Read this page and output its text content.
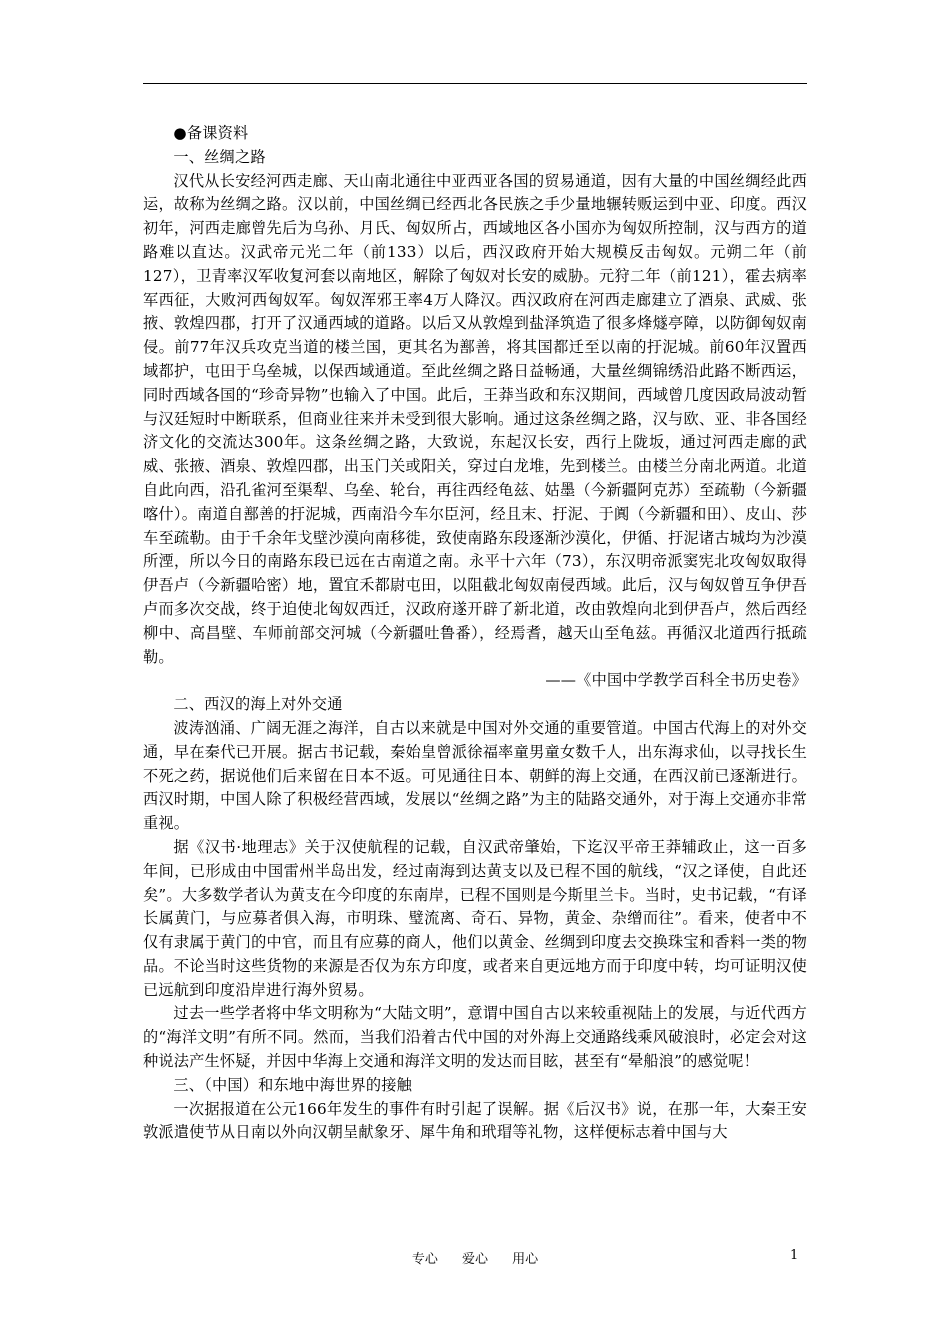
●备课资料

一、丝绸之路

汉代从长安经河西走廊、天山南北通往中亚西亚各国的贸易通道，因有大量的中国丝绸经此西运，故称为丝绸之路。汉以前，中国丝绸已经西北各民族之手少量地辗转贩运到中亚、印度。西汉初年，河西走廊曾先后为乌孙、月氏、匈奴所占，西域地区各小国亦为匈奴所控制，汉与西方的道路难以直达。汉武帝元光二年（前133）以后，西汉政府开始大规模反击匈奴。元朔二年（前127），卫青率汉军收复河套以南地区，解除了匈奴对长安的威胁。元狩二年（前121），霍去病率军西征，大败河西匈奴军。匈奴浑邪王率4万人降汉。西汉政府在河西走廊建立了酒泉、武威、张掖、敦煌四郡，打开了汉通西域的道路。以后又从敦煌到盐泽筑造了很多烽燧亭障，以防御匈奴南侵。前77年汉兵攻克当道的楼兰国，更其名为鄯善，将其国都迁至以南的扜泥城。前60年汉置西域都护，屯田于乌垒城，以保西域通道。至此丝绸之路日益畅通，大量丝绸锦绣沿此路不断西运，同时西域各国的“珍奇异物”也输入了中国。此后，王莽当政和东汉期间，西域曾几度因政局波动暂与汉廷短时中断联系，但商业往来并未受到很大影响。通过这条丝绸之路，汉与欧、亚、非各国经济文化的交流达300年。这条丝绸之路，大致说，东起汉长安，西行上陇坂，通过河西走廊的武威、张掖、酒泉、敦煌四郡，出玉门关或阳关，穿过白龙堆，先到楼兰。由楼兰分南北两道。北道自此向西，沿孔雀河至渠犁、乌垒、轮台，再往西经龟兹、姑墨（今新疆阿克苏）至疏勒（今新疆喀什）。南道自鄯善的扜泥城，西南沿今车尔臣河，经且末、扜泥、于阗（今新疆和田）、皮山、莎车至疏勒。由于千余年戈壁沙漠向南移徙，致使南路东段逐渐沙漠化，伊循、扜泥诸古城均为沙漠所湮，所以今日的南路东段已远在古南道之南。永平十六年（73），东汉明帝派窦宪北攻匈奴取得伊吾卢（今新疆哈密）地，置宜禾都尉屯田，以阻截北匈奴南侵西域。此后，汉与匈奴曾互争伊吾卢而多次交战，终于迫使北匈奴西迁，汉政府遂开辟了新北道，改由敦煌向北到伊吾卢，然后西经柳中、高昌壁、车师前部交河城（今新疆吐鲁番），经焉耆，越天山至龟兹。再循汉北道西行抵疏勒。

——《中国中学教学百科全书历史卷》

二、西汉的海上对外交通

波涛汹涌、广阔无涯之海洋，自古以来就是中国对外交通的重要管道。中国古代海上的对外交通，早在秦代已开展。据古书记载，秦始皇曾派徐福率童男童女数千人，出东海求仙，以寻找长生不死之药，据说他们后来留在日本不返。可见通往日本、朝鲜的海上交通，在西汉前已逐渐进行。西汉时期，中国人除了积极经营西域，发展以“丝绸之路”为主的陆路交通外，对于海上交通亦非常重视。

据《汉书·地理志》关于汉使航程的记载，自汉武帝肇始，下迄汉平帝王莽辅政止，这一百多年间，已形成由中国雷州半岛出发，经过南海到达黄支以及已程不国的航线，“汉之译使，自此还矣”。大多数学者认为黄支在今印度的东南岸，已程不国则是今斯里兰卡。当时，史书记载，“有译长属黄门，与应募者俱入海，市明珠、璧流离、奇石、异物，黄金、杂缯而往”。看来，使者中不仅有隶属于黄门的中官，而且有应募的商人，他们以黄金、丝绸到印度去交换珠宝和香料一类的物品。不论当时这些货物的来源是否仅为东方印度，或者来自更远地方而于印度中转，均可证明汉使已远航到印度沿岸进行海外贸易。

过去一些学者将中华文明称为“大陆文明”，意谓中国自古以来较重视陆上的发展，与近代西方的“海洋文明”有所不同。然而，当我们沿着古代中国的对外海上交通路线乘风破浪时，必定会对这种说法产生怀疑，并因中华海上交通和海洋文明的发达而目眩，甚至有“晕船浪”的感觉呢！

三、（中国）和东地中海世界的接触

一次据报道在公元166年发生的事件有时引起了误解。据《后汉书》说，在那一年，大秦王安敦派遣使节从日南以外向汉朝呈献象牙、犀牛角和玳瑁等礼物，这样便标志着中国与大

专心 爱心 用心	1
